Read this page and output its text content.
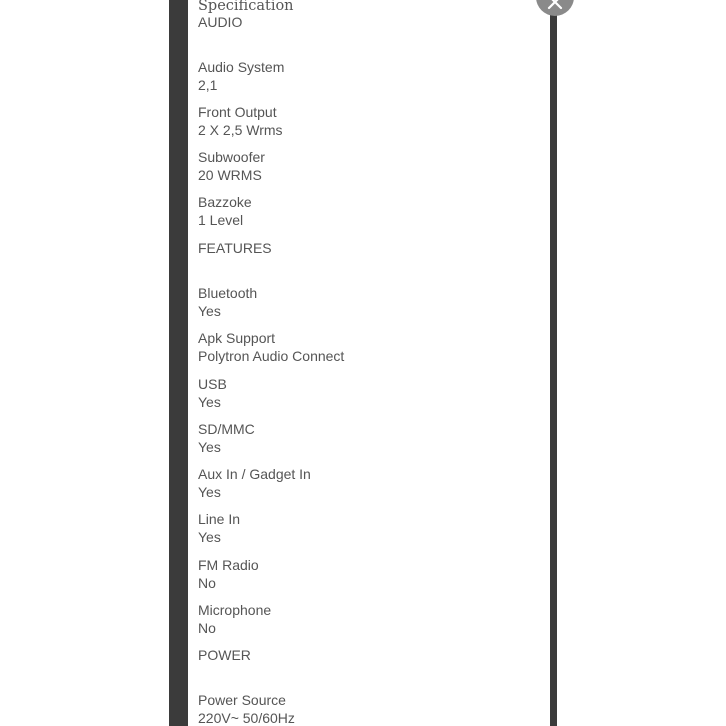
Specification
AUDIO
Audio System
2,1
Front Output
2 X 2,5 Wrms
Subwoofer
20 WRMS
Bazzoke
1 Level
FEATURES
Bluetooth
Yes
Apk Support
Polytron Audio Connect
USB
Yes
SD/MMC
Yes
Aux In / Gadget In
Yes
Line In
Yes
FM Radio
No
Microphone
No
POWER
Power Source
220V~ 50/60Hz
